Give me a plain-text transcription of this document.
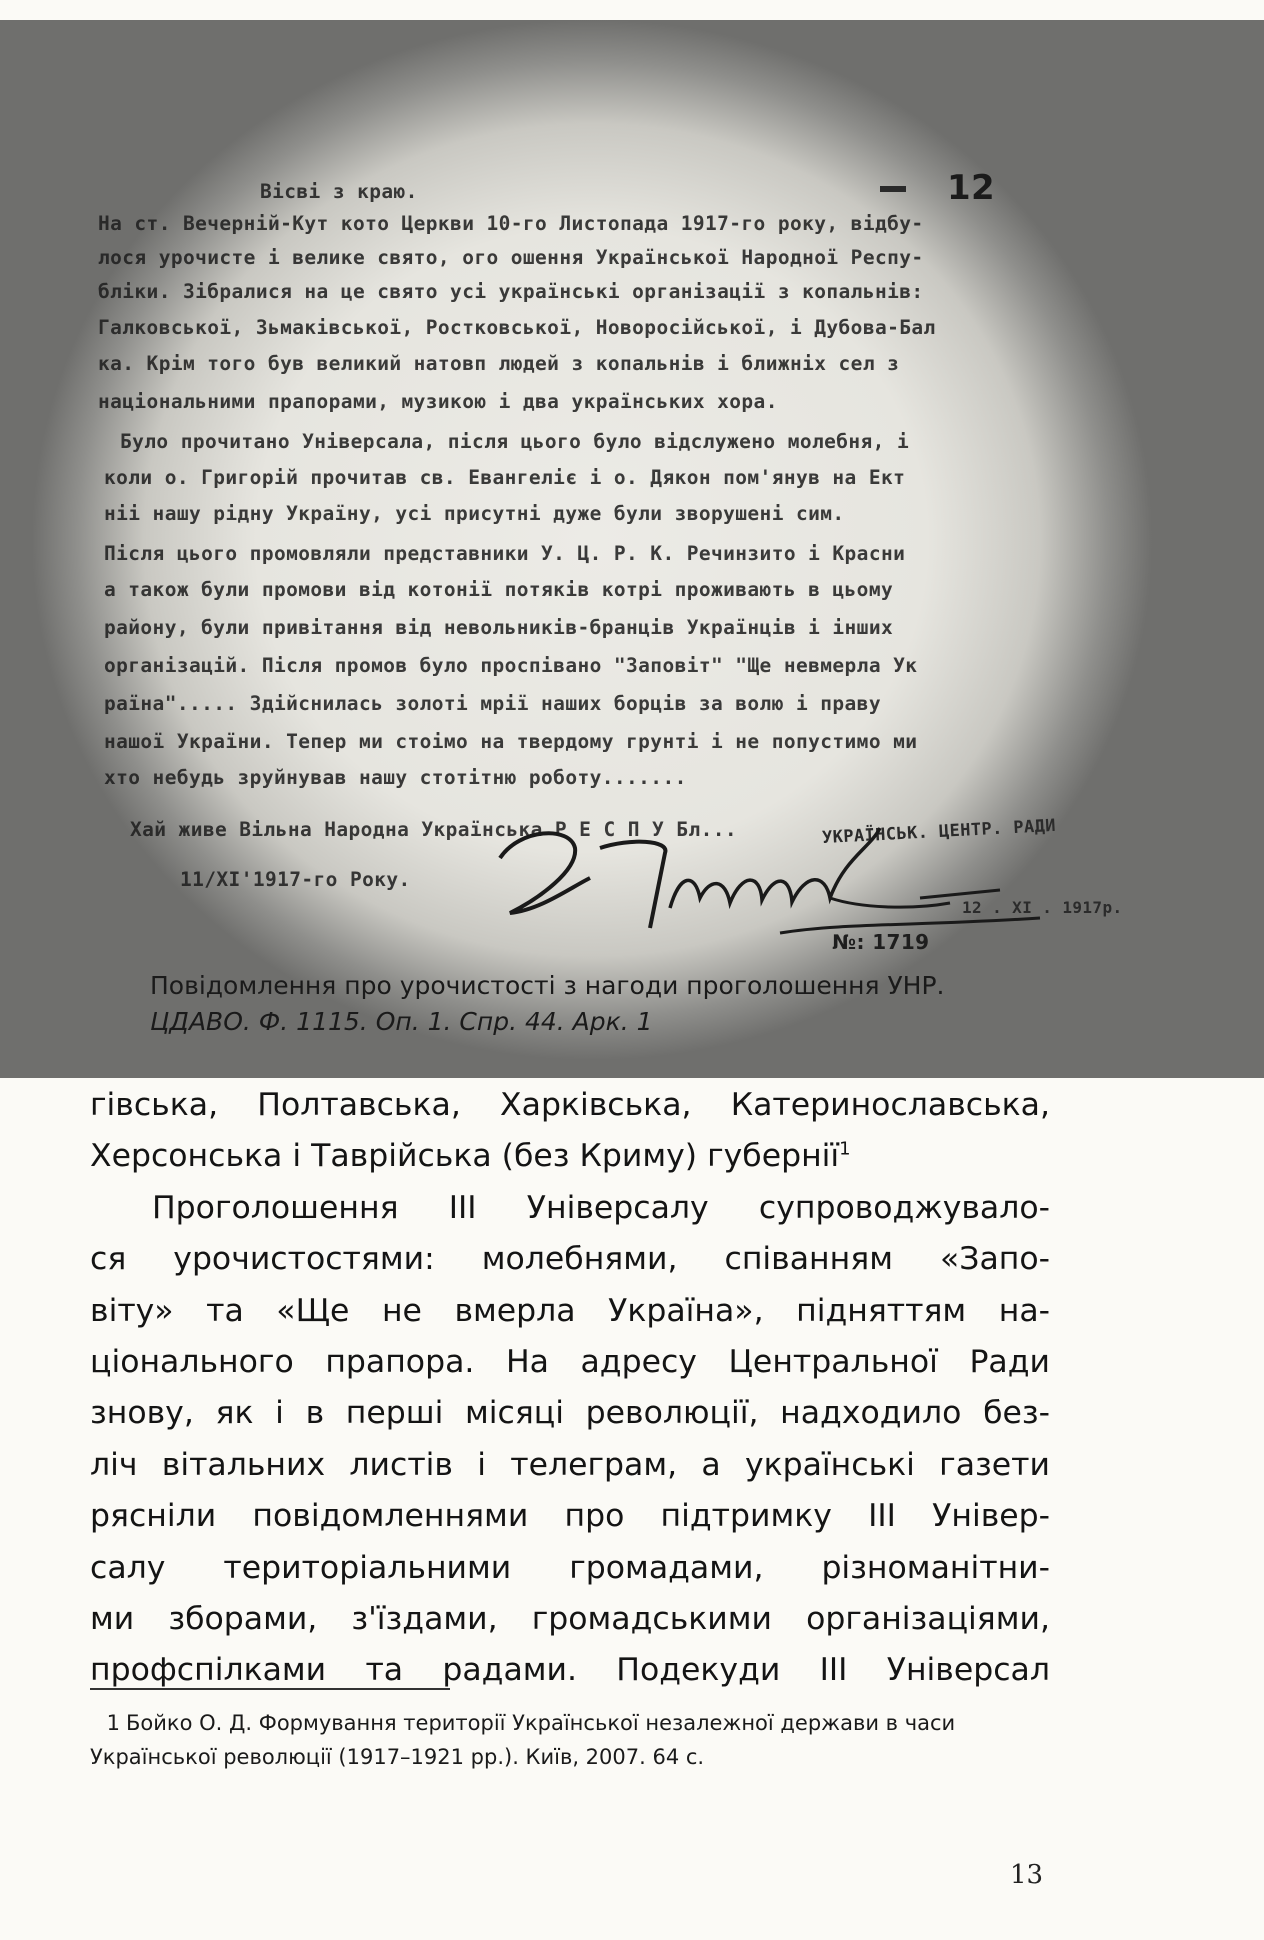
12
Вісві з краю.
На ст. Вечерній-Кут кото Церкви 10-го Листопада 1917-го року, відбу-
лося урочисте і велике свято, ого ошення Української Народної Респу-
бліки. Зібралися на це свято усі українські організації з копальнів:
Галковської, Зьмаківської, Ростковської, Новоросійської, і Дубова-Бал
ка. Крім того був великий натовп людей з копальнів і ближніх сел з
національними прапорами, музикою і два українських хора.
Було прочитано Універсала, після цього було відслужено молебня, і
коли о. Григорій прочитав св. Евангеліє і о. Дякон пом'янув на Ект
ніі нашу рідну Україну, усі присутні дуже були зворушені сим.
Після цього промовляли представники У. Ц. Р. К. Речинзито і Красни
а також були промови від котонії потяків котрі проживають в цьому
району, були привітання від невольників-бранців Українців і інших
організацій. Після промов було проспівано "Заповіт" "Ще невмерла Ук
раїна"..... Здійснилась золоті мрії наших борців за волю і праву
нашої України. Тепер ми стоімо на твердому грунті і не попустимо ми
хто небудь зруйнував нашу стотітню роботу.......
Хай живе Вільна Народна Українська Р Е С П У Бл...
11/XI'1917-го Року.
УКРАЇНСЬК. ЦЕНТР. РАДИ
12 . XI . 1917р.
№: 1719
Повідомлення про урочистості з нагоди проголошення УНР.
ЦДАВО. Ф. 1115. Оп. 1. Спр. 44. Арк. 1
гівська, Полтавська, Харківська, Катеринославська,
Херсонська і Таврійська (без Криму) губернії$^1$
Проголошення III Універсалу супроводжувало-
ся урочистостями: молебнями, співанням «Запо-
віту» та «Ще не вмерла Україна», підняттям на-
ціонального прапора. На адресу Центральної Ради
знову, як і в перші місяці революції, надходило без-
ліч вітальних листів і телеграм, а українські газети
рясніли повідомленнями про підтримку III Універ-
салу територіальними громадами, різноманітни-
ми зборами, з'їздами, громадськими організаціями,
профспілками та радами. Подекуди III Універсал
1 Бойко О. Д. Формування території Української незалежної держави в часи Української революції (1917–1921 рр.). Київ, 2007. 64 с.
13
